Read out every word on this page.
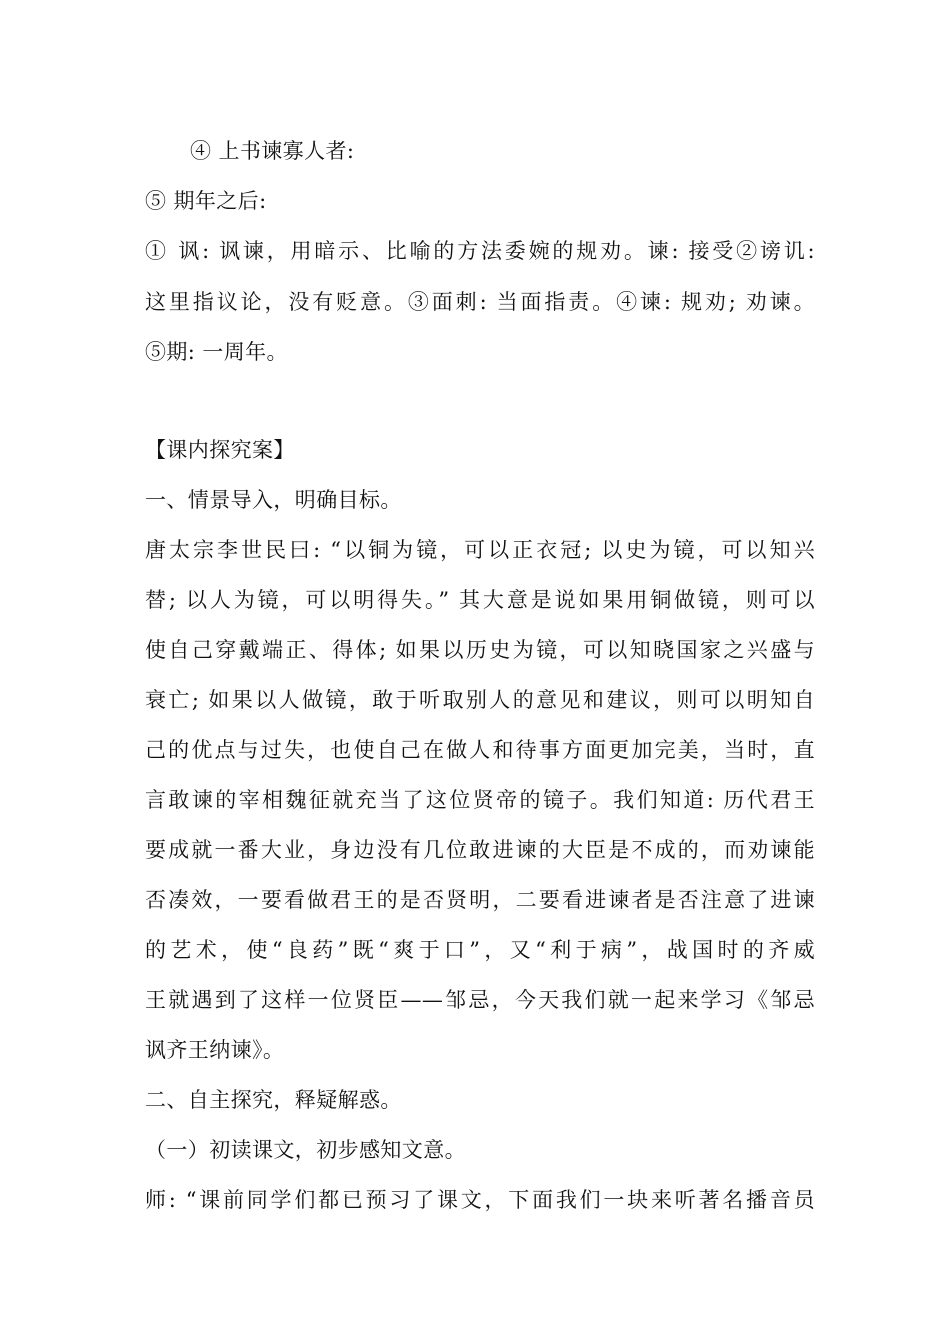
④ 上书谏寡人者:
⑤ 期年之后:
① 讽: 讽谏，用暗示、比喻的方法委婉的规劝。谏: 接受②谤讥:
这里指议论，没有贬意。③面刺: 当面指责。④谏: 规劝; 劝谏。
⑤期: 一周年。
【课内探究案】
一、情景导入，明确目标。
唐太宗李世民曰: “以铜为镜，可以正衣冠; 以史为镜，可以知兴
替; 以人为镜，可以明得失。” 其大意是说如果用铜做镜，则可以
使自己穿戴端正、得体; 如果以历史为镜，可以知晓国家之兴盛与
衰亡; 如果以人做镜，敢于听取别人的意见和建议，则可以明知自
己的优点与过失，也使自己在做人和待事方面更加完美，当时，直
言敢谏的宰相魏征就充当了这位贤帝的镜子。我们知道: 历代君王
要成就一番大业，身边没有几位敢进谏的大臣是不成的，而劝谏能
否凑效，一要看做君王的是否贤明，二要看进谏者是否注意了进谏
的艺术，使“良药”既“爽于口”，又“利于病”，战国时的齐威
王就遇到了这样一位贤臣——邹忌，今天我们就一起来学习《邹忌
讽齐王纳谏》。
二、自主探究，释疑解惑。
（一）初读课文，初步感知文意。
师: “课前同学们都已预习了课文，下面我们一块来听著名播音员
